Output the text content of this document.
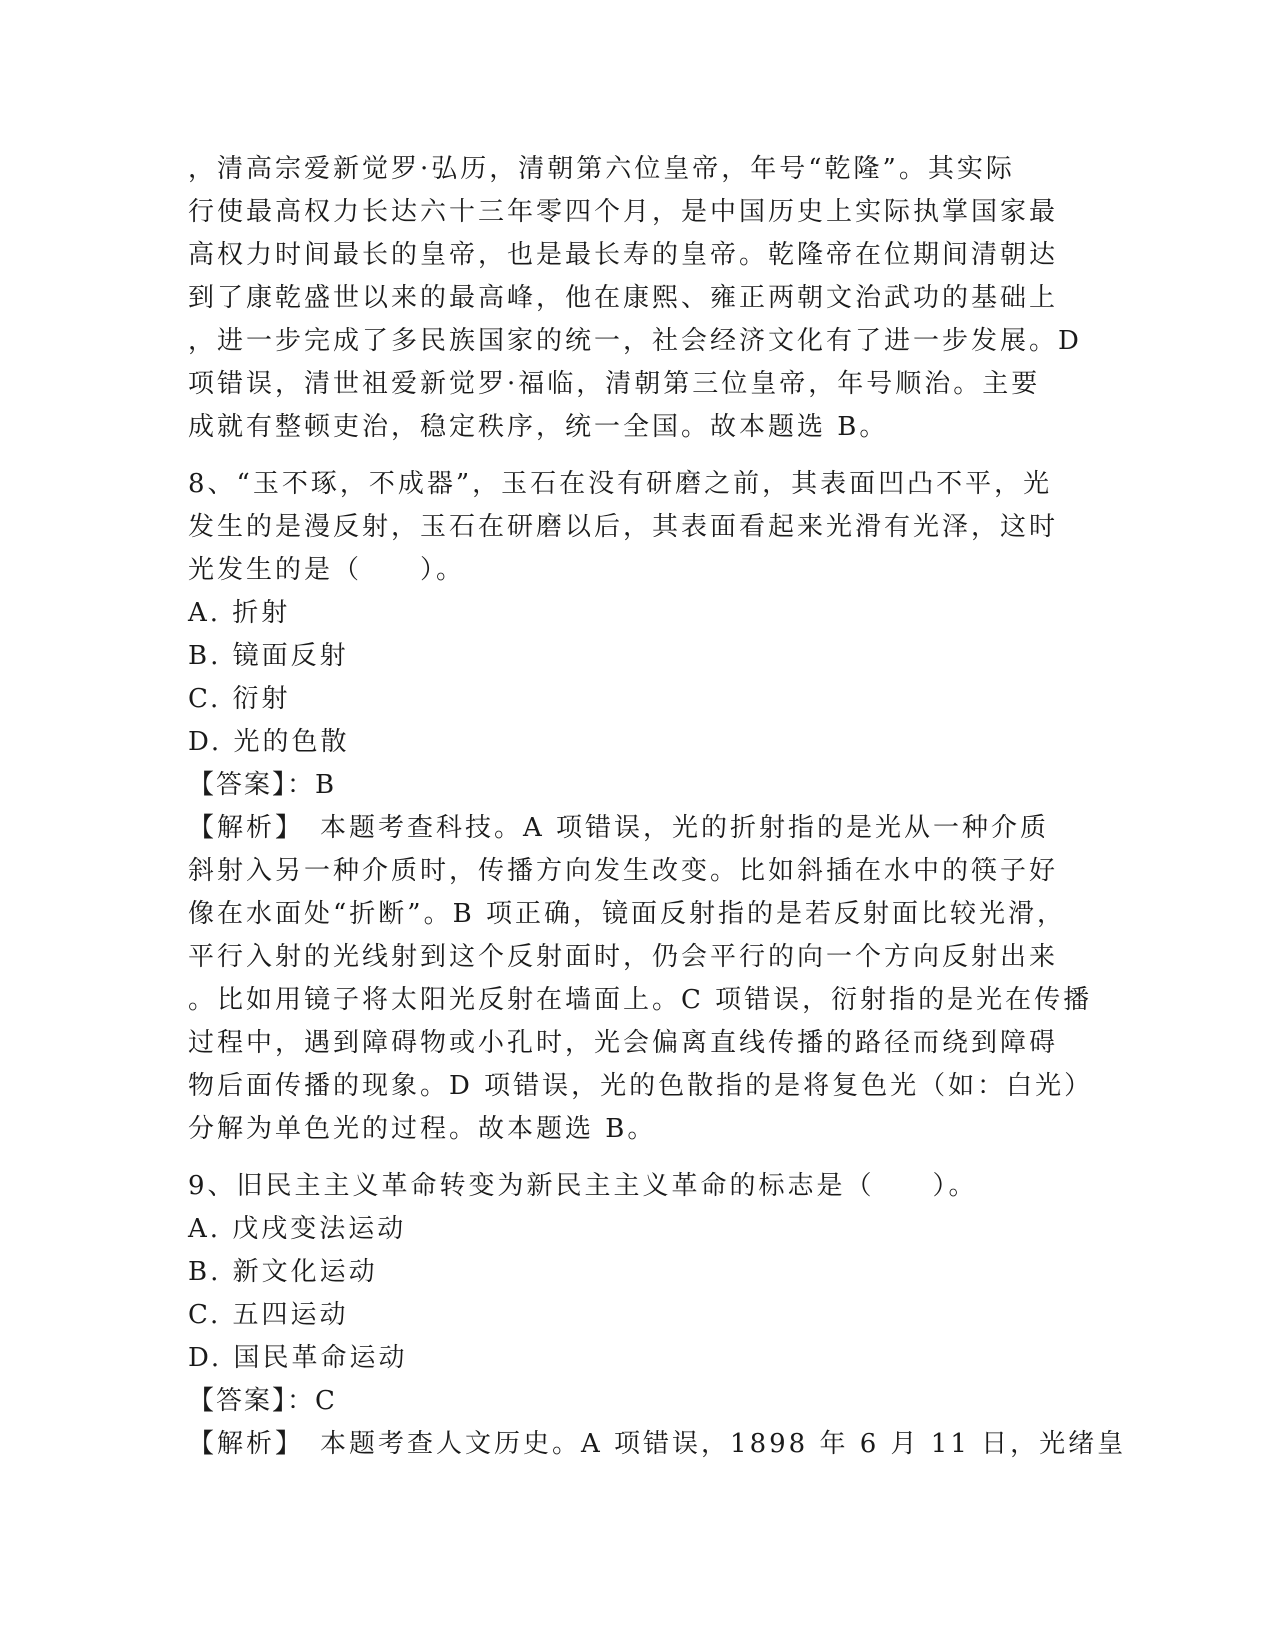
，清高宗爱新觉罗·弘历，清朝第六位皇帝，年号“乾隆”。其实际
行使最高权力长达六十三年零四个月，是中国历史上实际执掌国家最
高权力时间最长的皇帝，也是最长寿的皇帝。乾隆帝在位期间清朝达
到了康乾盛世以来的最高峰，他在康熙、雍正两朝文治武功的基础上
，进一步完成了多民族国家的统一，社会经济文化有了进一步发展。D
项错误，清世祖爱新觉罗·福临，清朝第三位皇帝，年号顺治。主要
成就有整顿吏治，稳定秩序，统一全国。故本题选 B。
8、“玉不琢，不成器”，玉石在没有研磨之前，其表面凹凸不平，光
发生的是漫反射，玉石在研磨以后，其表面看起来光滑有光泽，这时
光发生的是（　　）。
A. 折射
B. 镜面反射
C. 衍射
D. 光的色散
【答案】：B
【解析】　本题考查科技。A 项错误，光的折射指的是光从一种介质
斜射入另一种介质时，传播方向发生改变。比如斜插在水中的筷子好
像在水面处“折断”。B 项正确，镜面反射指的是若反射面比较光滑，
平行入射的光线射到这个反射面时，仍会平行的向一个方向反射出来
。比如用镜子将太阳光反射在墙面上。C 项错误，衍射指的是光在传播
过程中，遇到障碍物或小孔时，光会偏离直线传播的路径而绕到障碍
物后面传播的现象。D 项错误，光的色散指的是将复色光（如：白光）
分解为单色光的过程。故本题选 B。
9、旧民主主义革命转变为新民主主义革命的标志是（　　）。
A. 戊戌变法运动
B. 新文化运动
C. 五四运动
D. 国民革命运动
【答案】：C
【解析】　本题考查人文历史。A 项错误，1898 年 6 月 11 日，光绪皇
